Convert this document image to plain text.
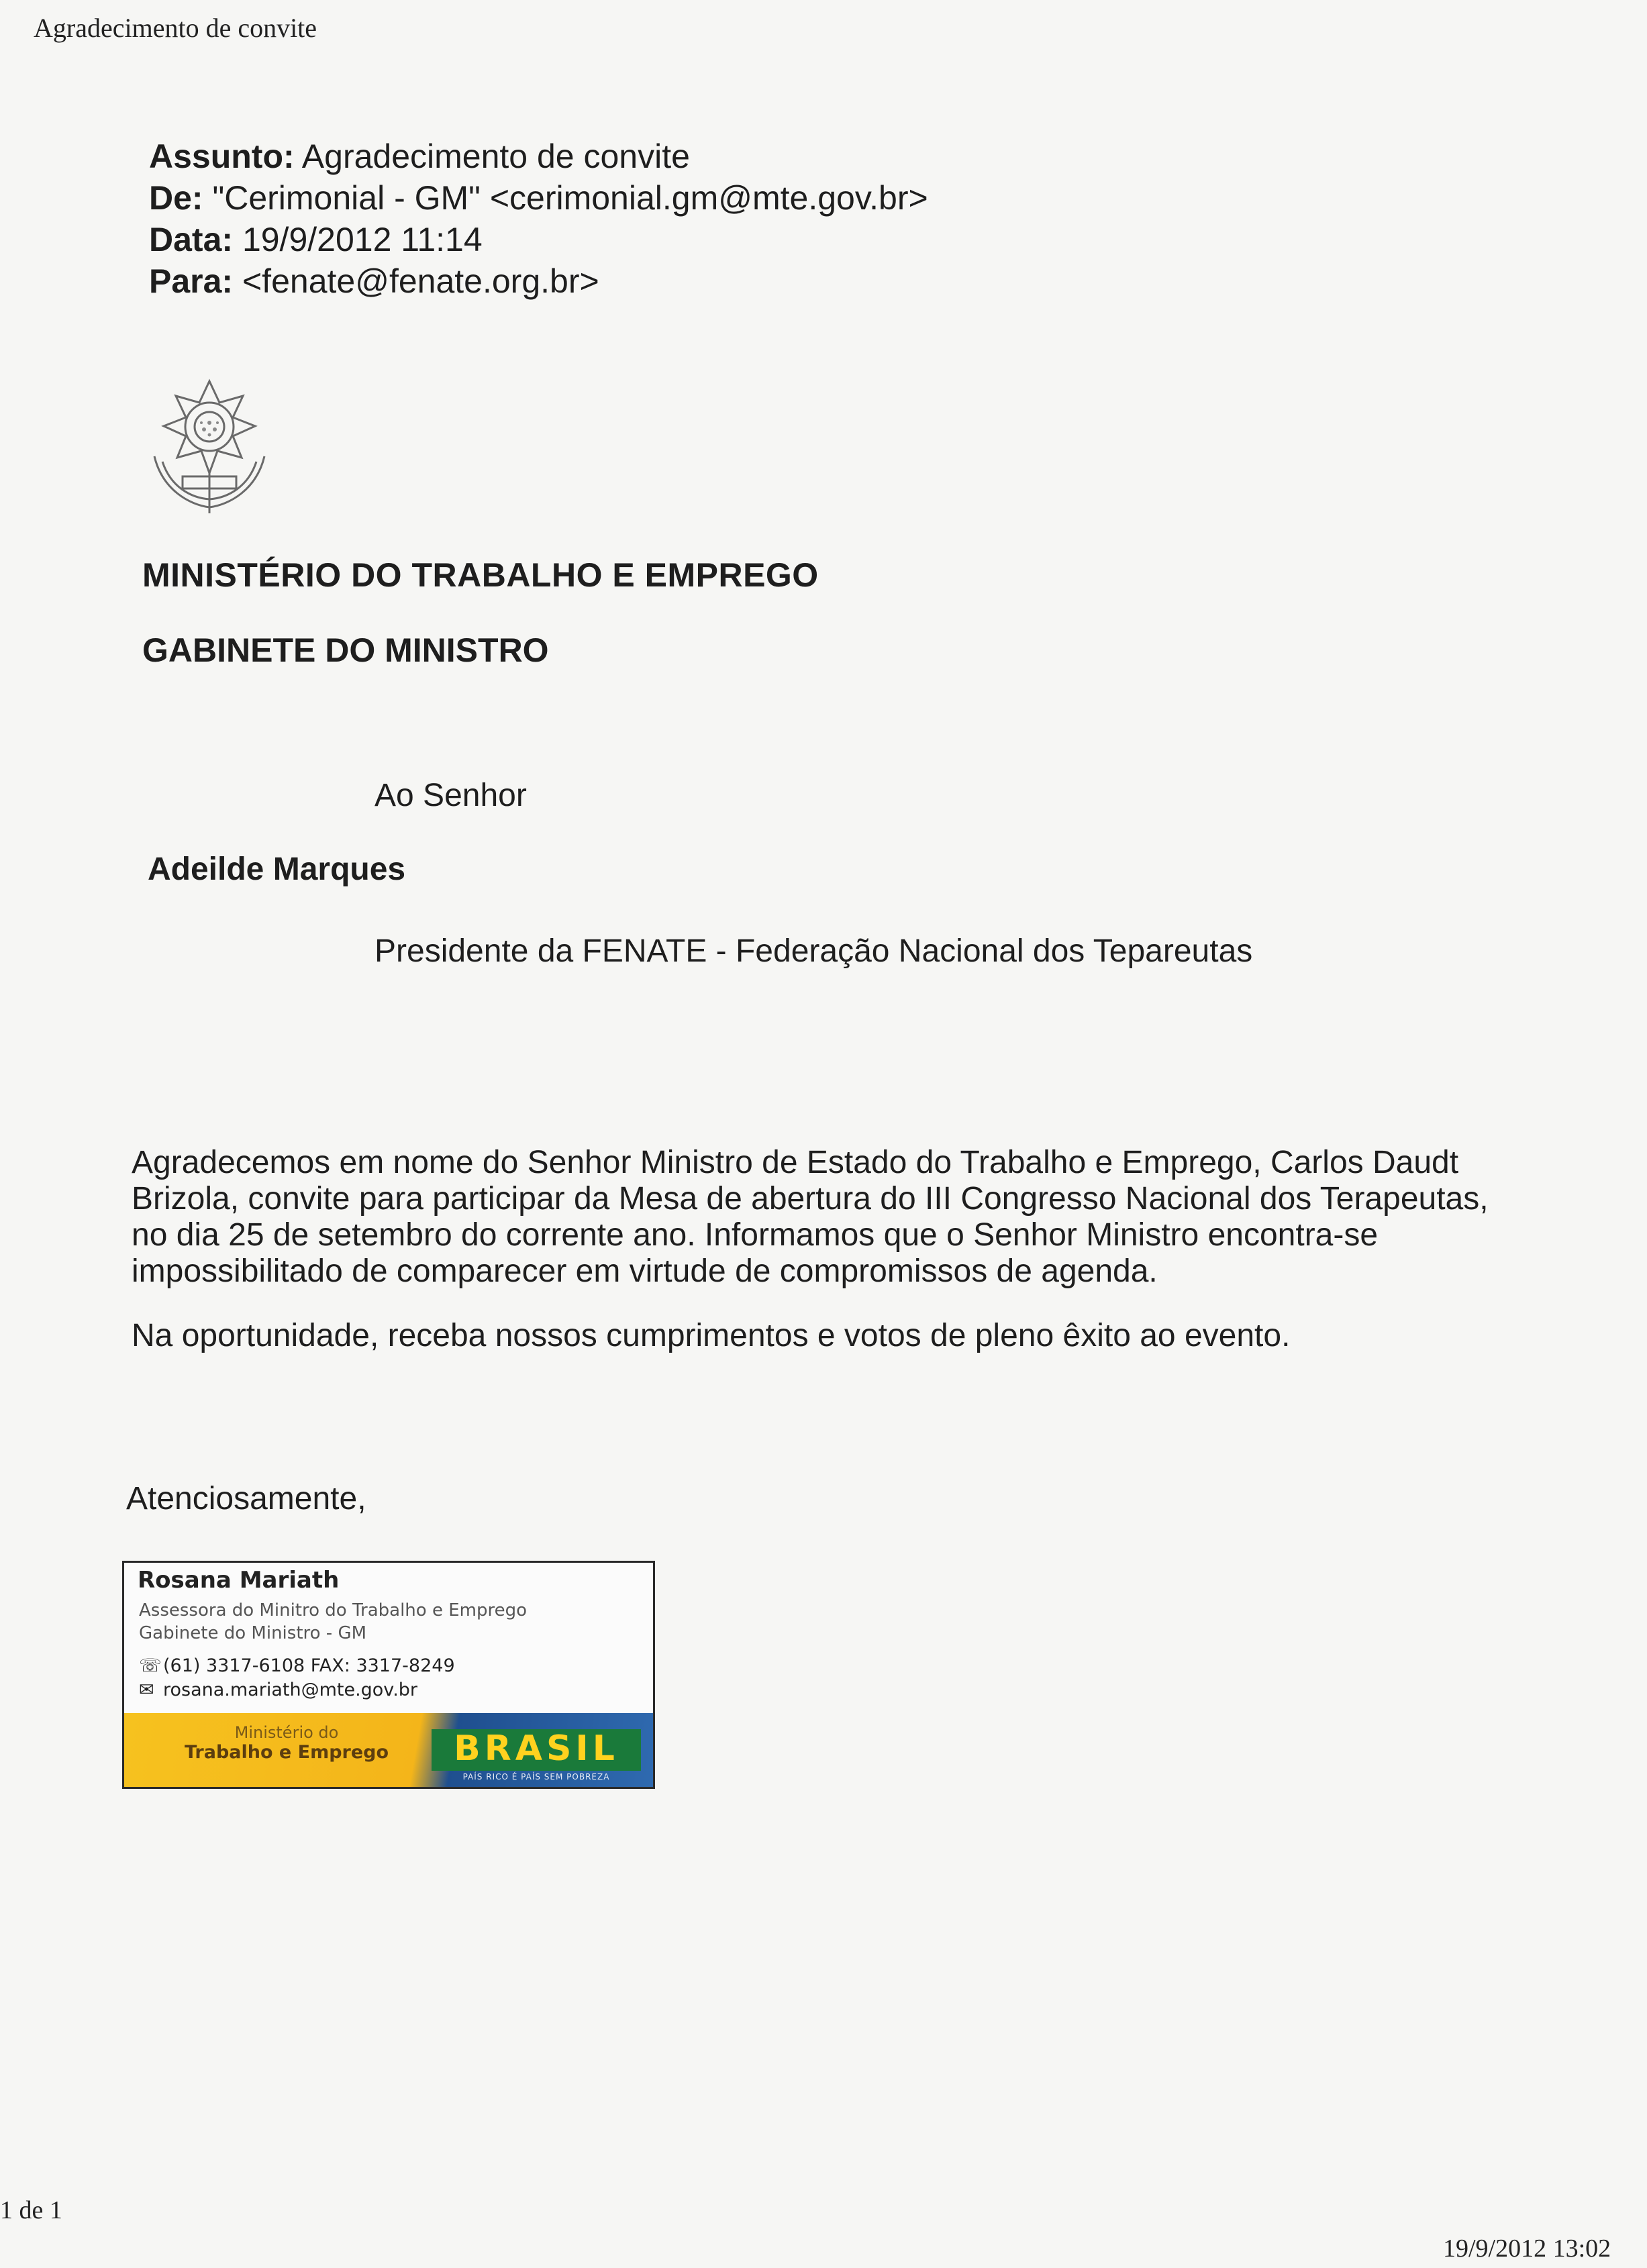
Agradecimento de convite
Assunto: Agradecimento de convite
De: "Cerimonial - GM" <cerimonial.gm@mte.gov.br>
Data: 19/9/2012 11:14
Para: <fenate@fenate.org.br>
MINISTÉRIO DO TRABALHO E EMPREGO
GABINETE DO MINISTRO
Ao Senhor
Adeilde Marques
Presidente da FENATE - Federação Nacional dos Tepareutas

Agradecemos em nome do Senhor Ministro de Estado do Trabalho e Emprego, Carlos Daudt Brizola, convite para participar da Mesa de abertura do III Congresso Nacional dos Terapeutas, no dia 25 de setembro do corrente ano. Informamos que o Senhor Ministro encontra-se impossibilitado de comparecer em virtude de compromissos de agenda.

Na oportunidade, receba nossos cumprimentos e votos de pleno êxito ao evento.

Atenciosamente,
Rosana Mariath
Assessora do Minitro do Trabalho e Emprego
Gabinete do Ministro - GM
☏(61) 3317-6108 FAX: 3317-8249
✉ rosana.mariath@mte.gov.br
Ministério do
Trabalho e Emprego	BRASIL
PAÍS RICO É PAÍS SEM POBREZA
1 de 1
19/9/2012 13:02
